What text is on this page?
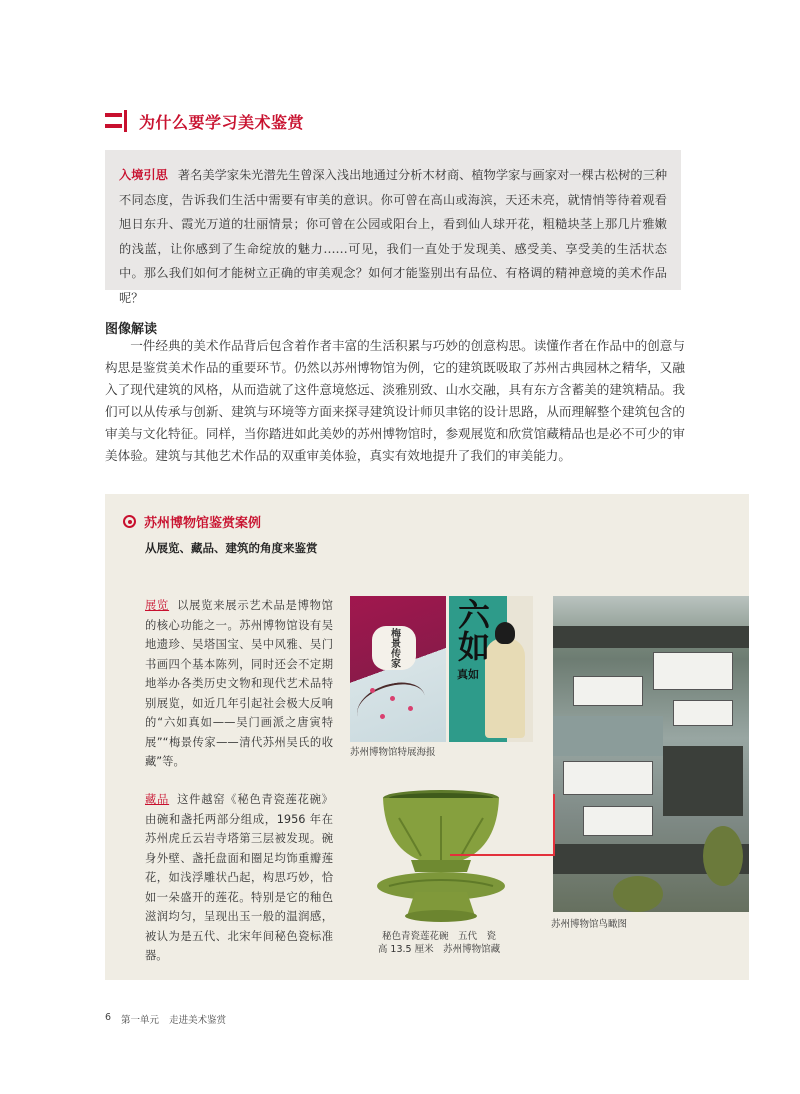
为什么要学习美术鉴赏

入境引思 著名美学家朱光潜先生曾深入浅出地通过分析木材商、植物学家与画家对一棵古松树的三种不同态度，告诉我们生活中需要有审美的意识。你可曾在高山或海滨，天还未亮，就情悄等待着观看旭日东升、霞光万道的壮丽情景；你可曾在公园或阳台上，看到仙人球开花，粗糙块茎上那几片雅嫩的浅蓝，让你感到了生命绽放的魅力……可见，我们一直处于发现美、感受美、享受美的生活状态中。那么我们如何才能树立正确的审美观念？如何才能鉴别出有品位、有格调的精神意境的美术作品呢？

图像解读

一件经典的美术作品背后包含着作者丰富的生活积累与巧妙的创意构思。读懂作者在作品中的创意与构思是鉴赏美术作品的重要环节。仍然以苏州博物馆为例，它的建筑既吸取了苏州古典园林之精华，又融入了现代建筑的风格，从而造就了这件意境悠远、淡雅别致、山水交融，具有东方含蓄美的建筑精品。我们可以从传承与创新、建筑与环境等方面来探寻建筑设计师贝聿铭的设计思路，从而理解整个建筑包含的审美与文化特征。同样，当你踏进如此美妙的苏州博物馆时，参观展览和欣赏馆藏精品也是必不可少的审美体验。建筑与其他艺术作品的双重审美体验，真实有效地提升了我们的审美能力。

苏州博物馆鉴赏案例
从展览、藏品、建筑的角度来鉴赏

展览 以展览来展示艺术品是博物馆的核心功能之一。苏州博物馆设有吴地遗珍、吴塔国宝、吴中风雅、吴门书画四个基本陈列，同时还会不定期地举办各类历史文物和现代艺术品特别展览，如近几年引起社会极大反响的“六如真如——吴门画派之唐寅特展”“梅景传家——清代苏州吴氏的收藏”等。

藏品 这件越窑《秘色青瓷莲花碗》由碗和盏托两部分组成，1956 年在苏州虎丘云岩寺塔第三层被发现。碗身外壁、盏托盘面和圈足均饰重瓣莲花，如浅浮雕状凸起，构思巧妙，恰如一朵盛开的莲花。特别是它的釉色滋润均匀，呈现出玉一般的温润感，被认为是五代、北宋年间秘色瓷标准器。

梅景传家 六如
真如
苏州博物馆特展海报
秘色青瓷莲花碗　五代　瓷
高 13.5 厘米　苏州博物馆藏
苏州博物馆鸟瞰图
6 第一单元 走进美术鉴赏
